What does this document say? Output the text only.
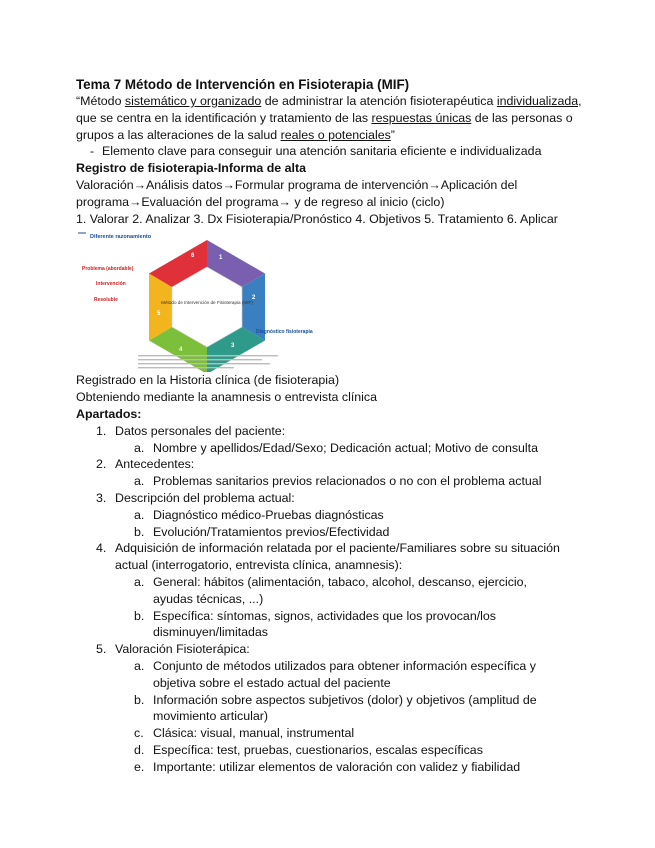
Tema 7 Método de Intervención en Fisioterapia (MIF)
“Método sistemático y organizado de administrar la atención fisioterapéutica individualizada,
que se centra en la identificación y tratamiento de las respuestas únicas de las personas o
grupos a las alteraciones de la salud reales o potenciales”
- Elemento clave para conseguir una atención sanitaria eficiente e individualizada
Registro de fisioterapia-Informa de alta
Valoración→Análisis datos→Formular programa de intervención→Aplicación del
programa→Evaluación del programa→ y de regreso al inicio (ciclo)
1. Valorar 2. Analizar 3. Dx Fisioterapia/Pronóstico 4. Objetivos 5. Tratamiento 6. Aplicar
Diferente razonamiento
Problema (abordable)
Intervención
Resoluble	Método de Intervención de Fisioterapia (MIF)
1
2
3
4
5
6
Diagnóstico fisioterapia
Registrado en la Historia clínica (de fisioterapia)
Obteniendo mediante la anamnesis o entrevista clínica
Apartados:
1. Datos personales del paciente:
a. Nombre y apellidos/Edad/Sexo; Dedicación actual; Motivo de consulta
2. Antecedentes:
a. Problemas sanitarios previos relacionados o no con el problema actual
3. Descripción del problema actual:
a. Diagnóstico médico-Pruebas diagnósticas
b. Evolución/Tratamientos previos/Efectividad
4. Adquisición de información relatada por el paciente/Familiares sobre su situación actual (interrogatorio, entrevista clínica, anamnesis):
a. General: hábitos (alimentación, tabaco, alcohol, descanso, ejercicio, ayudas técnicas, ...)
b. Específica: síntomas, signos, actividades que los provocan/los disminuyen/limitadas
5. Valoración Fisioterápica:
a. Conjunto de métodos utilizados para obtener información específica y objetiva sobre el estado actual del paciente
b. Información sobre aspectos subjetivos (dolor) y objetivos (amplitud de movimiento articular)
c. Clásica: visual, manual, instrumental
d. Específica: test, pruebas, cuestionarios, escalas específicas
e. Importante: utilizar elementos de valoración con validez y fiabilidad
